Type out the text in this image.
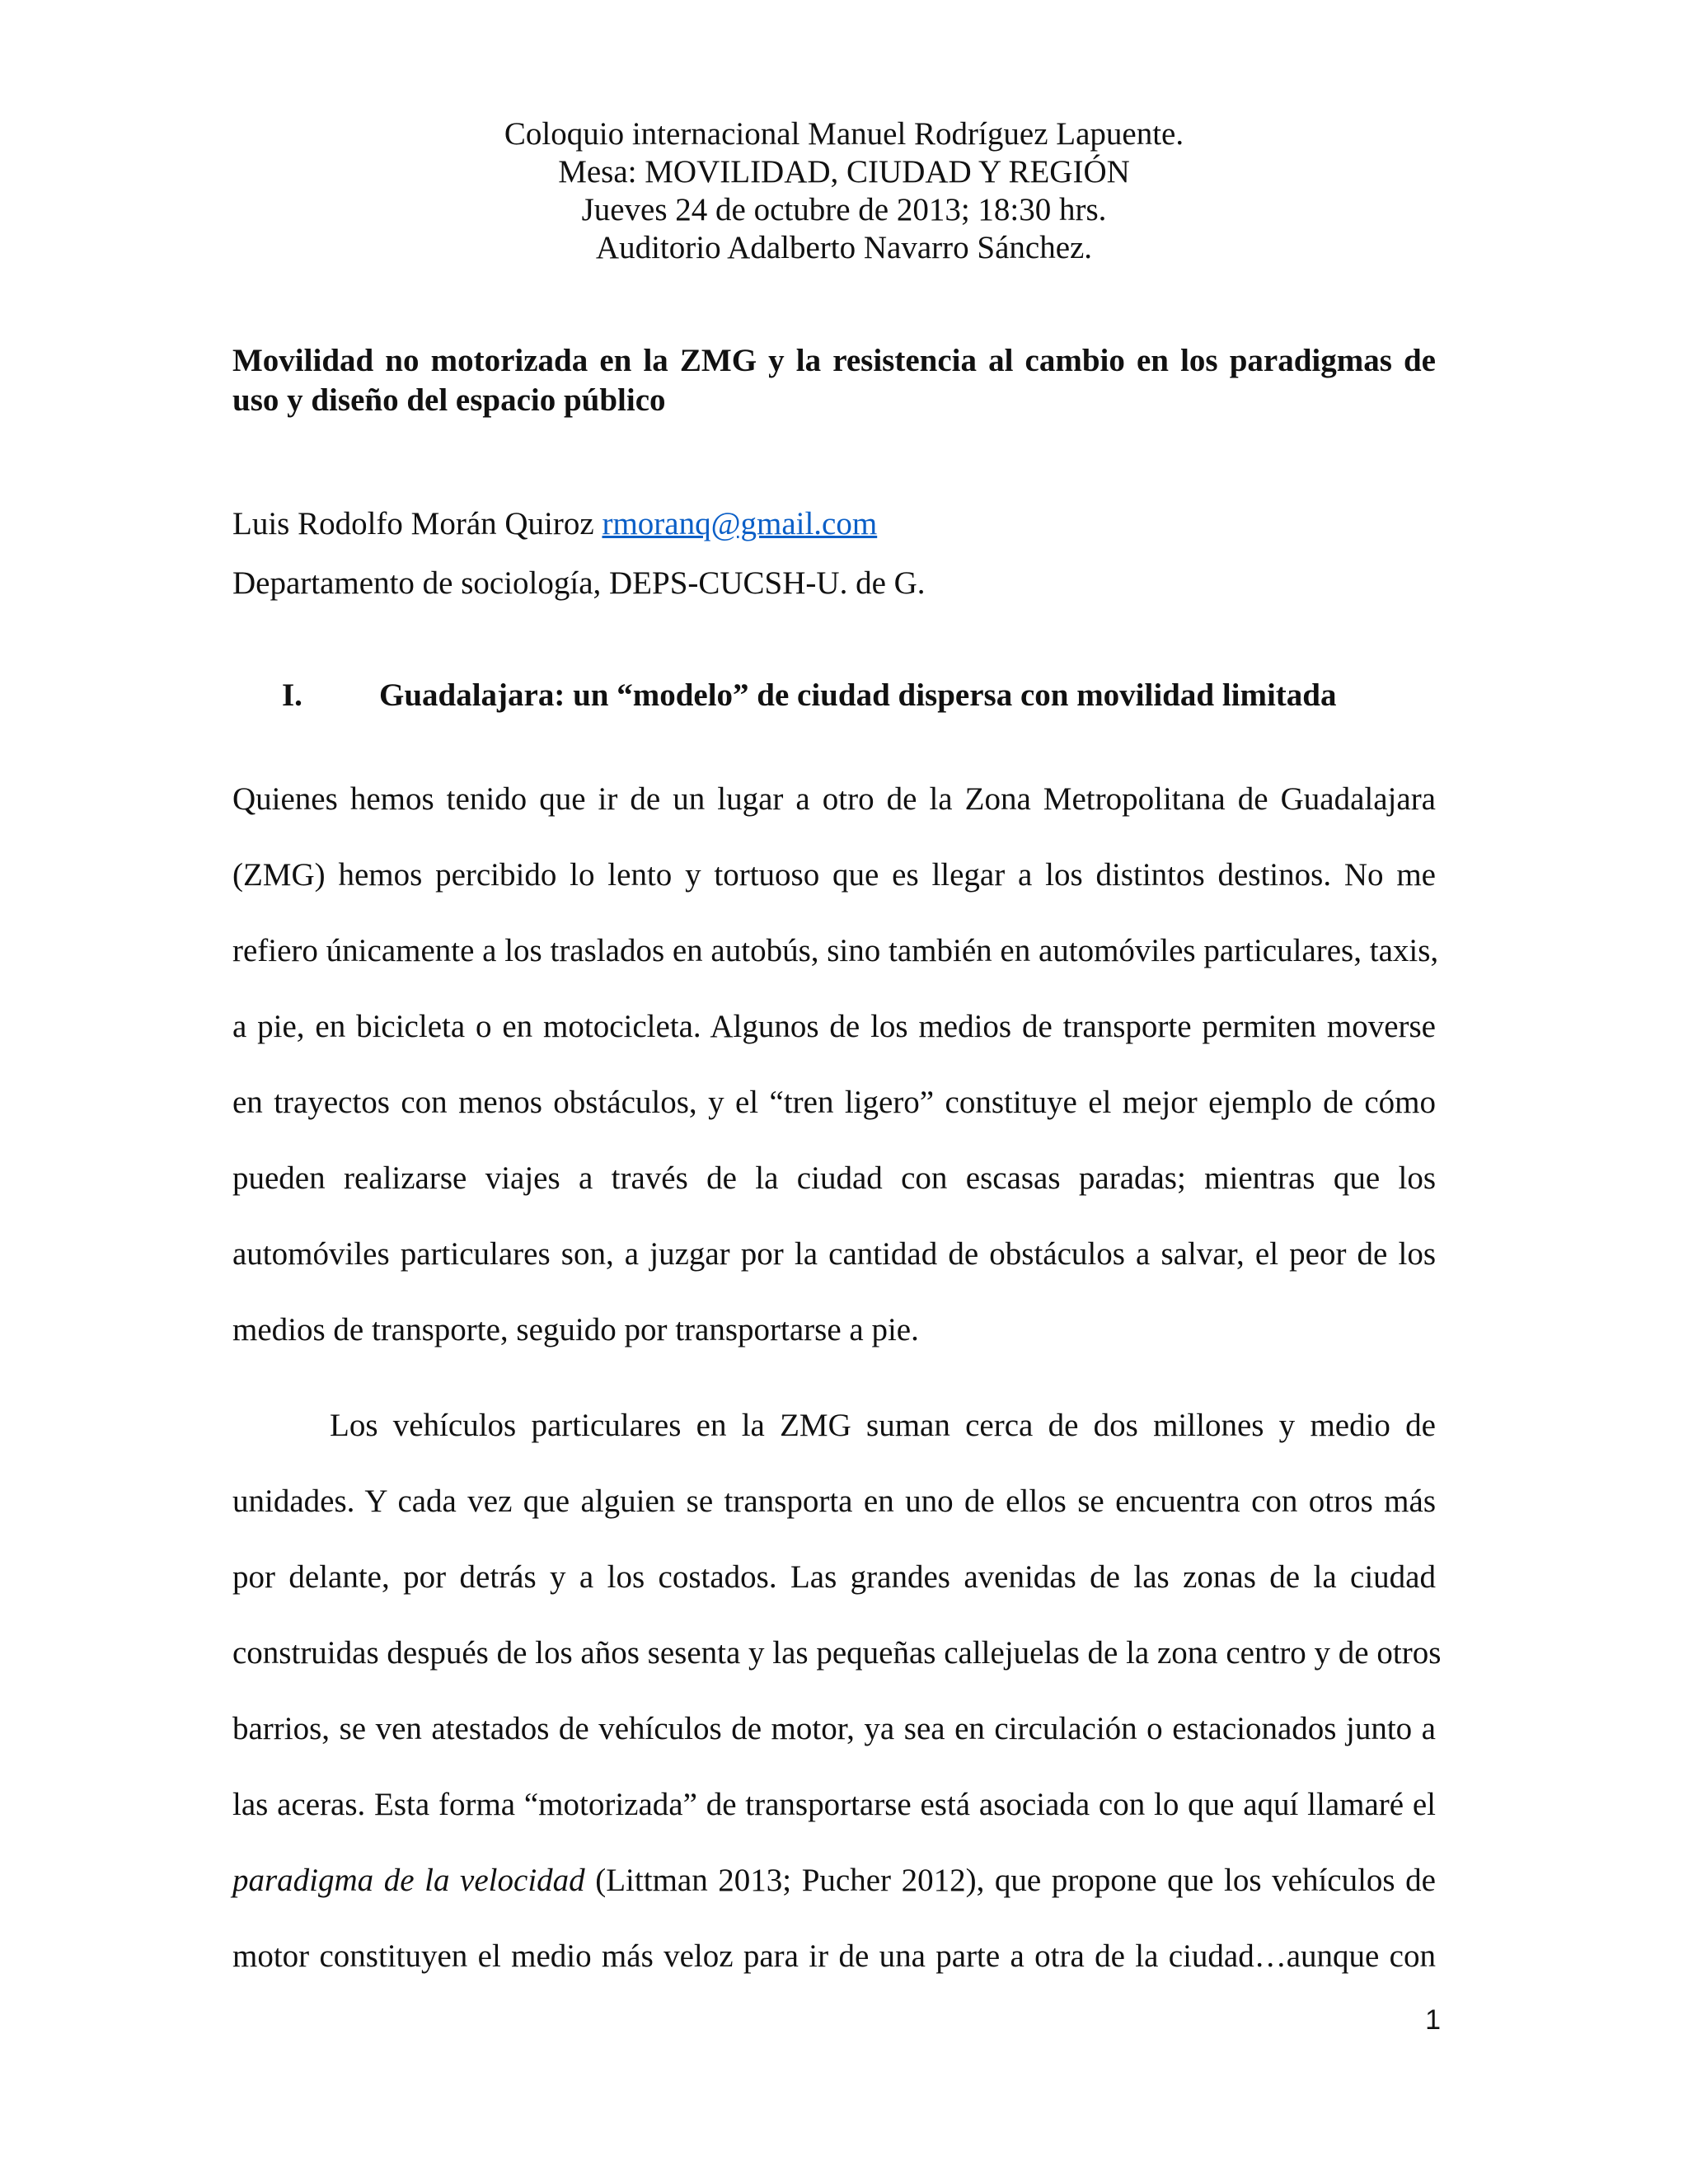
Coloquio internacional Manuel Rodríguez Lapuente.
Mesa: MOVILIDAD, CIUDAD Y REGIÓN
Jueves 24 de octubre de 2013; 18:30 hrs.
Auditorio Adalberto Navarro Sánchez.
Movilidad no motorizada en la ZMG y la resistencia al cambio en los paradigmas de uso y diseño del espacio público
Luis Rodolfo Morán Quiroz rmoranq@gmail.com
Departamento de sociología, DEPS-CUCSH-U. de G.
I. Guadalajara: un “modelo” de ciudad dispersa con movilidad limitada
Quienes hemos tenido que ir de un lugar a otro de la Zona Metropolitana de Guadalajara
(ZMG) hemos percibido lo lento y tortuoso que es llegar a los distintos destinos. No me
refiero únicamente a los traslados en autobús, sino también en automóviles particulares, taxis,
a pie, en bicicleta o en motocicleta. Algunos de los medios de transporte permiten moverse
en trayectos con menos obstáculos, y el “tren ligero” constituye el mejor ejemplo de cómo
pueden realizarse viajes a través de la ciudad con escasas paradas; mientras que los
automóviles particulares son, a juzgar por la cantidad de obstáculos a salvar, el peor de los
medios de transporte, seguido por transportarse a pie.
Los vehículos particulares en la ZMG suman cerca de dos millones y medio de
unidades. Y cada vez que alguien se transporta en uno de ellos se encuentra con otros más
por delante, por detrás y a los costados. Las grandes avenidas de las zonas de la ciudad
construidas después de los años sesenta y las pequeñas callejuelas de la zona centro y de otros
barrios, se ven atestados de vehículos de motor, ya sea en circulación o estacionados junto a
las aceras. Esta forma “motorizada” de transportarse está asociada con lo que aquí llamaré el
paradigma de la velocidad (Littman 2013; Pucher 2012), que propone que los vehículos de
motor constituyen el medio más veloz para ir de una parte a otra de la ciudad…aunque con
1
